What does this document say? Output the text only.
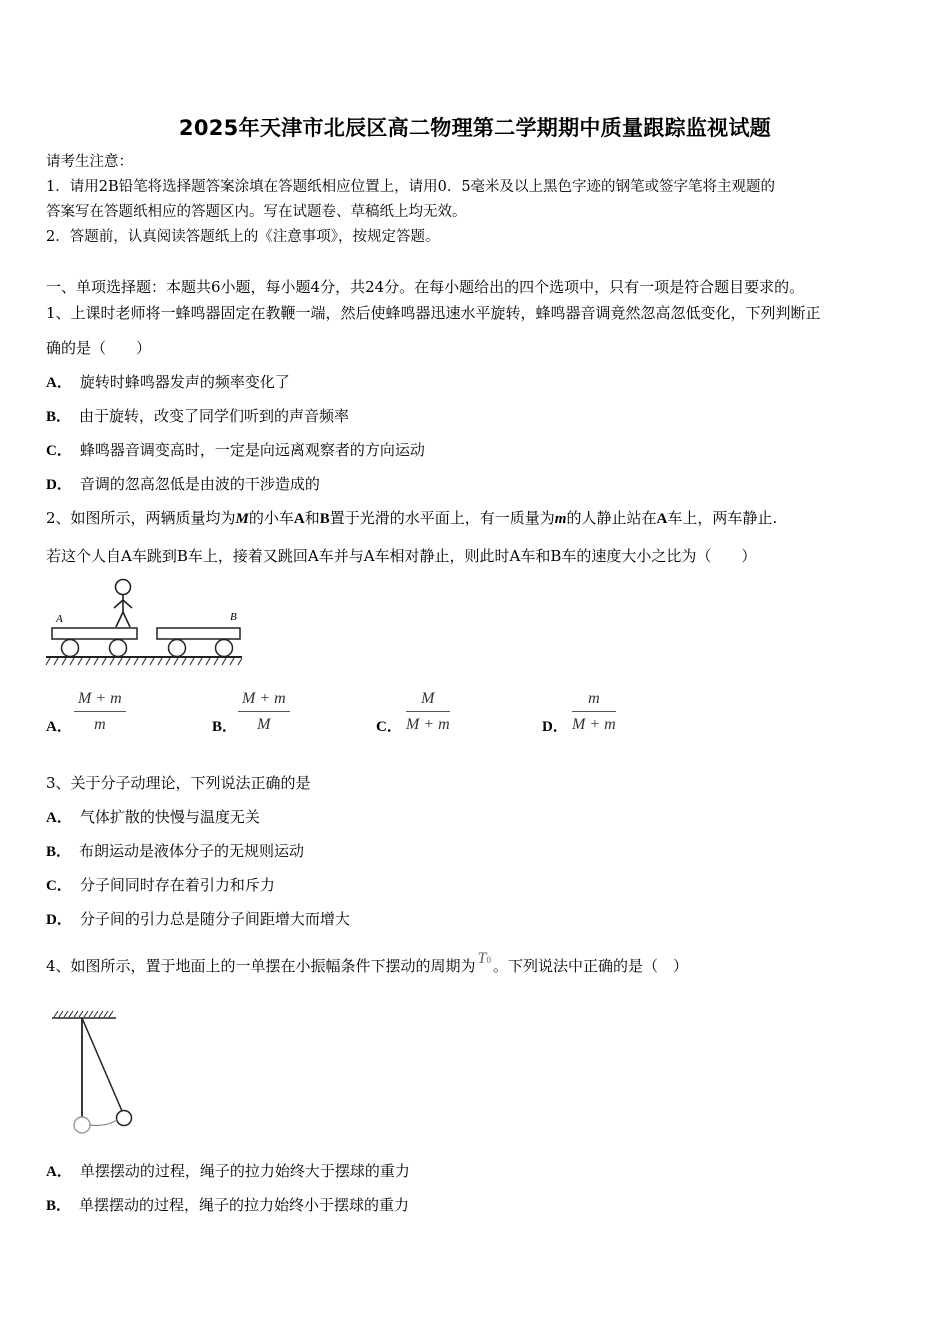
2025年天津市北辰区高二物理第二学期期中质量跟踪监视试题
请考生注意：
1．请用2B铅笔将选择题答案涂填在答题纸相应位置上，请用0．5毫米及以上黑色字迹的钢笔或签字笔将主观题的
答案写在答题纸相应的答题区内。写在试题卷、草稿纸上均无效。
2．答题前，认真阅读答题纸上的《注意事项》，按规定答题。
一、单项选择题：本题共6小题，每小题4分，共24分。在每小题给出的四个选项中，只有一项是符合题目要求的。
1、上课时老师将一蜂鸣器固定在教鞭一端，然后使蜂鸣器迅速水平旋转，蜂鸣器音调竟然忽高忽低变化，下列判断正
确的是（　　）
A． 旋转时蜂鸣器发声的频率变化了
B． 由于旋转，改变了同学们听到的声音频率
C． 蜂鸣器音调变高时，一定是向远离观察者的方向运动
D． 音调的忽高忽低是由波的干涉造成的
2、如图所示，两辆质量均为M的小车A和B置于光滑的水平面上，有一质量为m的人静止站在A车上，两车静止.
若这个人自A车跳到B车上，接着又跳回A车并与A车相对静止，则此时A车和B车的速度大小之比为（　　）
A	B
A． $\frac{M + m}{m}$	B． $\frac{M + m}{M}$	C． $\frac{M}{M + m}$	D． $\frac{m}{M + m}$
3、关于分子动理论，下列说法正确的是
A． 气体扩散的快慢与温度无关
B． 布朗运动是液体分子的无规则运动
C． 分子间同时存在着引力和斥力
D． 分子间的引力总是随分子间距增大而增大
4、如图所示，置于地面上的一单摆在小振幅条件下摆动的周期为 T0 。下列说法中正确的是（　）
A． 单摆摆动的过程，绳子的拉力始终大于摆球的重力
B． 单摆摆动的过程，绳子的拉力始终小于摆球的重力
